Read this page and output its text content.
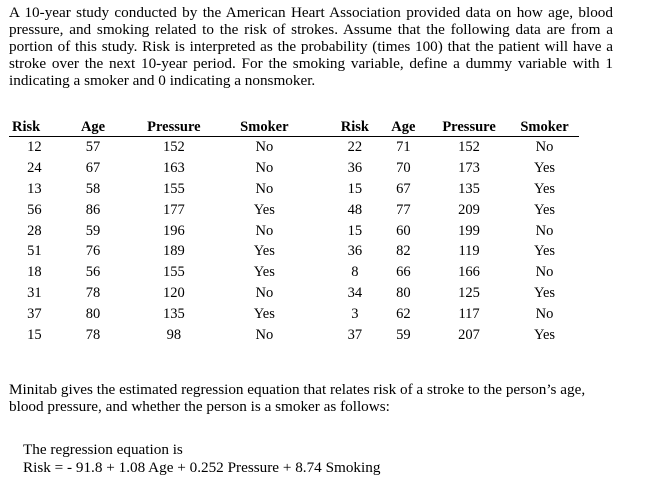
A 10-year study conducted by the American Heart Association provided data on how age, blood pressure, and smoking related to the risk of strokes. Assume that the following data are from a portion of this study. Risk is interpreted as the probability (times 100) that the patient will have a stroke over the next 10-year period. For the smoking variable, define a dummy variable with 1 indicating a smoker and 0 indicating a nonsmoker.

Risk	Age	Pressure	Smoker		Risk	Age	Pressure	Smoker
12	57	152	No		22	71	152	No
24	67	163	No		36	70	173	Yes
13	58	155	No		15	67	135	Yes
56	86	177	Yes		48	77	209	Yes
28	59	196	No		15	60	199	No
51	76	189	Yes		36	82	119	Yes
18	56	155	Yes		8	66	166	No
31	78	120	No		34	80	125	Yes
37	80	135	Yes		3	62	117	No
15	78	98	No		37	59	207	Yes

Minitab gives the estimated regression equation that relates risk of a stroke to the person’s age, blood pressure, and whether the person is a smoker as follows:

The regression equation is
Risk = - 91.8 + 1.08 Age + 0.252 Pressure + 8.74 Smoking
